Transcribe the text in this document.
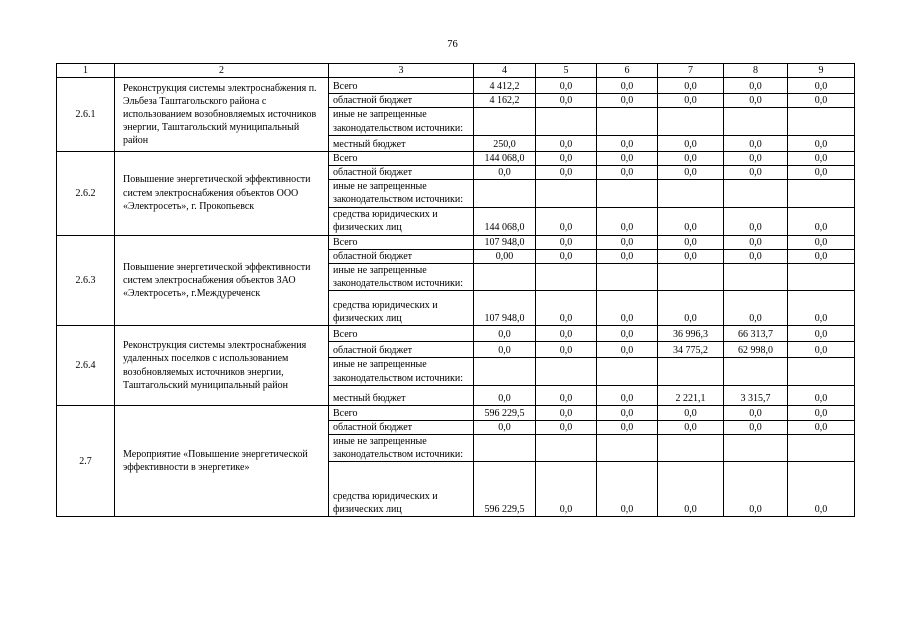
76
1	2	3	4	5	6	7	8	9
2.6.1	Реконструкция системы электроснабжения п. Эльбеза Таштагольского района с использованием возобновляемых источников энергии, Таштагольский муниципальный район	Всего	4 412,2	0,0	0,0	0,0	0,0	0,0
		областной бюджет	4 162,2	0,0	0,0	0,0	0,0	0,0
		иные не запрещенные законодательством источники:						
		местный бюджет	250,0	0,0	0,0	0,0	0,0	0,0
2.6.2	Повышение энергетической эффективности систем электроснабжения объектов ООО «Электросеть», г. Прокопьевск	Всего	144 068,0	0,0	0,0	0,0	0,0	0,0
		областной бюджет	0,0	0,0	0,0	0,0	0,0	0,0
		иные не запрещенные законодательством источники:						
		средства юридических и физических лиц	144 068,0	0,0	0,0	0,0	0,0	0,0
2.6.3	Повышение энергетической эффективности систем электроснабжения объектов ЗАО «Электросеть», г.Междуреченск	Всего	107 948,0	0,0	0,0	0,0	0,0	0,0
		областной бюджет	0,00	0,0	0,0	0,0	0,0	0,0
		иные не запрещенные законодательством источники:						
		средства юридических и физических лиц	107 948,0	0,0	0,0	0,0	0,0	0,0
2.6.4	Реконструкция системы электроснабжения удаленных поселков с использованием возобновляемых источников энергии, Таштагольский муниципальный район	Всего	0,0	0,0	0,0	36 996,3	66 313,7	0,0
		областной бюджет	0,0	0,0	0,0	34 775,2	62 998,0	0,0
		иные не запрещенные законодательством источники:						
		местный бюджет	0,0	0,0	0,0	2 221,1	3 315,7	0,0
2.7	Мероприятие «Повышение энергетической эффективности в энергетике»	Всего	596 229,5	0,0	0,0	0,0	0,0	0,0
		областной бюджет	0,0	0,0	0,0	0,0	0,0	0,0
		иные не запрещенные законодательством источники:						
		средства юридических и физических лиц	596 229,5	0,0	0,0	0,0	0,0	0,0
